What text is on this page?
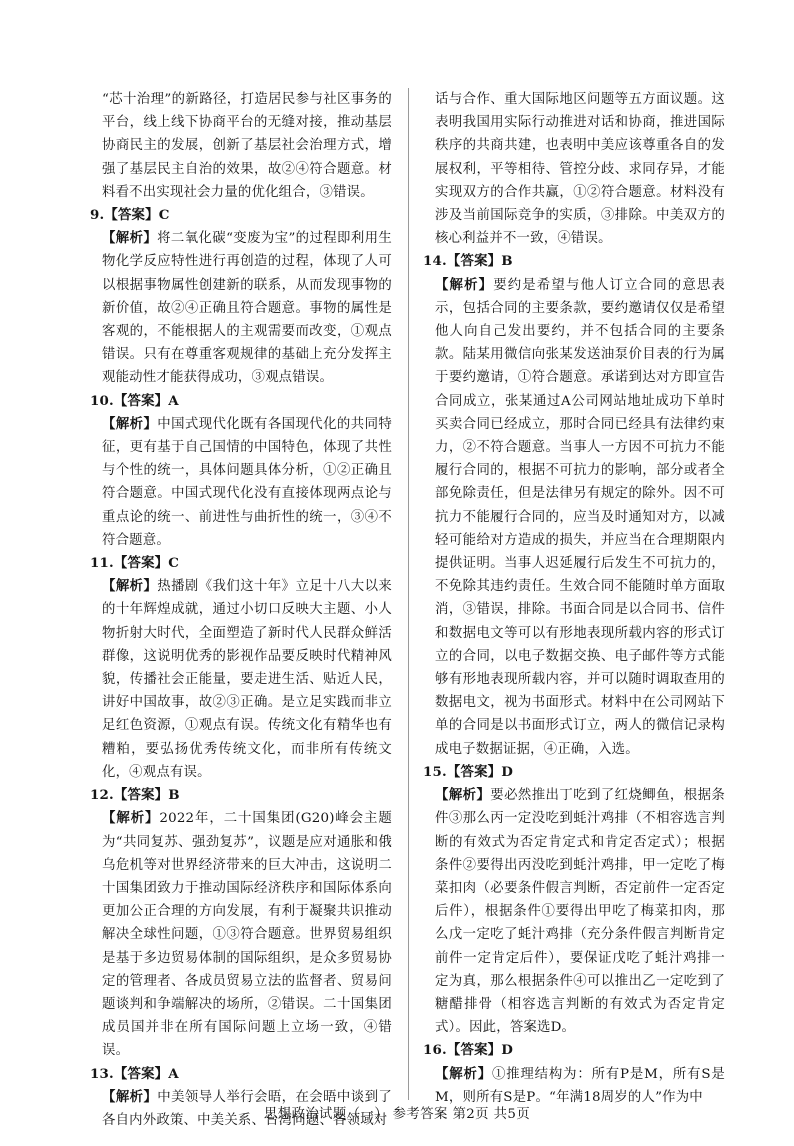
“芯十治理”的新路径，打造居民参与社区事务的平台，线上线下协商平台的无缝对接，推动基层协商民主的发展，创新了基层社会治理方式，增强了基层民主自治的效果，故②④符合题意。材料看不出实现社会力量的优化组合，③错误。

9.【答案】C

【解析】将二氧化碳“变废为宝”的过程即利用生物化学反应特性进行再创造的过程，体现了人可以根据事物属性创建新的联系，从而发现事物的新价值，故②④正确且符合题意。事物的属性是客观的，不能根据人的主观需要而改变，①观点错误。只有在尊重客观规律的基础上充分发挥主观能动性才能获得成功，③观点错误。

10.【答案】A

【解析】中国式现代化既有各国现代化的共同特征，更有基于自己国情的中国特色，体现了共性与个性的统一，具体问题具体分析，①②正确且符合题意。中国式现代化没有直接体现两点论与重点论的统一、前进性与曲折性的统一，③④不符合题意。

11.【答案】C

【解析】热播剧《我们这十年》立足十八大以来的十年辉煌成就，通过小切口反映大主题、小人物折射大时代，全面塑造了新时代人民群众鲜活群像，这说明优秀的影视作品要反映时代精神风貌，传播社会正能量，要走进生活、贴近人民，讲好中国故事，故②③正确。是立足实践而非立足红色资源，①观点有误。传统文化有精华也有糟粕，要弘扬优秀传统文化，而非所有传统文化，④观点有误。

12.【答案】B

【解析】2022年，二十国集团(G20)峰会主题为“共同复苏、强劲复苏”，议题是应对通胀和俄乌危机等对世界经济带来的巨大冲击，这说明二十国集团致力于推动国际经济秩序和国际体系向更加公正合理的方向发展，有利于凝聚共识推动解决全球性问题，①③符合题意。世界贸易组织是基于多边贸易体制的国际组织，是众多贸易协定的管理者、各成员贸易立法的监督者、贸易问题谈判和争端解决的场所，②错误。二十国集团成员国并非在所有国际问题上立场一致，④错误。

13.【答案】A

【解析】中美领导人举行会晤，在会晤中谈到了各自内外政策、中美关系、台湾问题、各领域对

话与合作、重大国际地区问题等五方面议题。这表明我国用实际行动推进对话和协商，推进国际秩序的共商共建，也表明中美应该尊重各自的发展权利，平等相待、管控分歧、求同存异，才能实现双方的合作共赢，①②符合题意。材料没有涉及当前国际竞争的实质，③排除。中美双方的核心利益并不一致，④错误。

14.【答案】B

【解析】要约是希望与他人订立合同的意思表示，包括合同的主要条款，要约邀请仅仅是希望他人向自己发出要约，并不包括合同的主要条款。陆某用微信向张某发送油泵价目表的行为属于要约邀请，①符合题意。承诺到达对方即宣告合同成立，张某通过A公司网站地址成功下单时买卖合同已经成立，那时合同已经具有法律约束力，②不符合题意。当事人一方因不可抗力不能履行合同的，根据不可抗力的影响，部分或者全部免除责任，但是法律另有规定的除外。因不可抗力不能履行合同的，应当及时通知对方，以减轻可能给对方造成的损失，并应当在合理期限内提供证明。当事人迟延履行后发生不可抗力的，不免除其违约责任。生效合同不能随时单方面取消，③错误，排除。书面合同是以合同书、信件和数据电文等可以有形地表现所载内容的形式订立的合同，以电子数据交换、电子邮件等方式能够有形地表现所载内容，并可以随时调取查用的数据电文，视为书面形式。材料中在公司网站下单的合同是以书面形式订立，两人的微信记录构成电子数据证据，④正确，入选。

15.【答案】D

【解析】要必然推出丁吃到了红烧鲫鱼，根据条件③那么丙一定没吃到蚝汁鸡排（不相容选言判断的有效式为否定肯定式和肯定否定式）；根据条件②要得出丙没吃到蚝汁鸡排，甲一定吃了梅菜扣肉（必要条件假言判断，否定前件一定否定后件），根据条件①要得出甲吃了梅菜扣肉，那么戊一定吃了蚝汁鸡排（充分条件假言判断肯定前件一定肯定后件），要保证戊吃了蚝汁鸡排一定为真，那么根据条件④可以推出乙一定吃到了糖醋排骨（相容选言判断的有效式为否定肯定式）。因此，答案选D。

16.【答案】D

【解析】①推理结构为：所有P是M，所有S是M，则所有S是P。“年满18周岁的人”作为中

思想政治试题（一） 参考答案 第2页 共5页
